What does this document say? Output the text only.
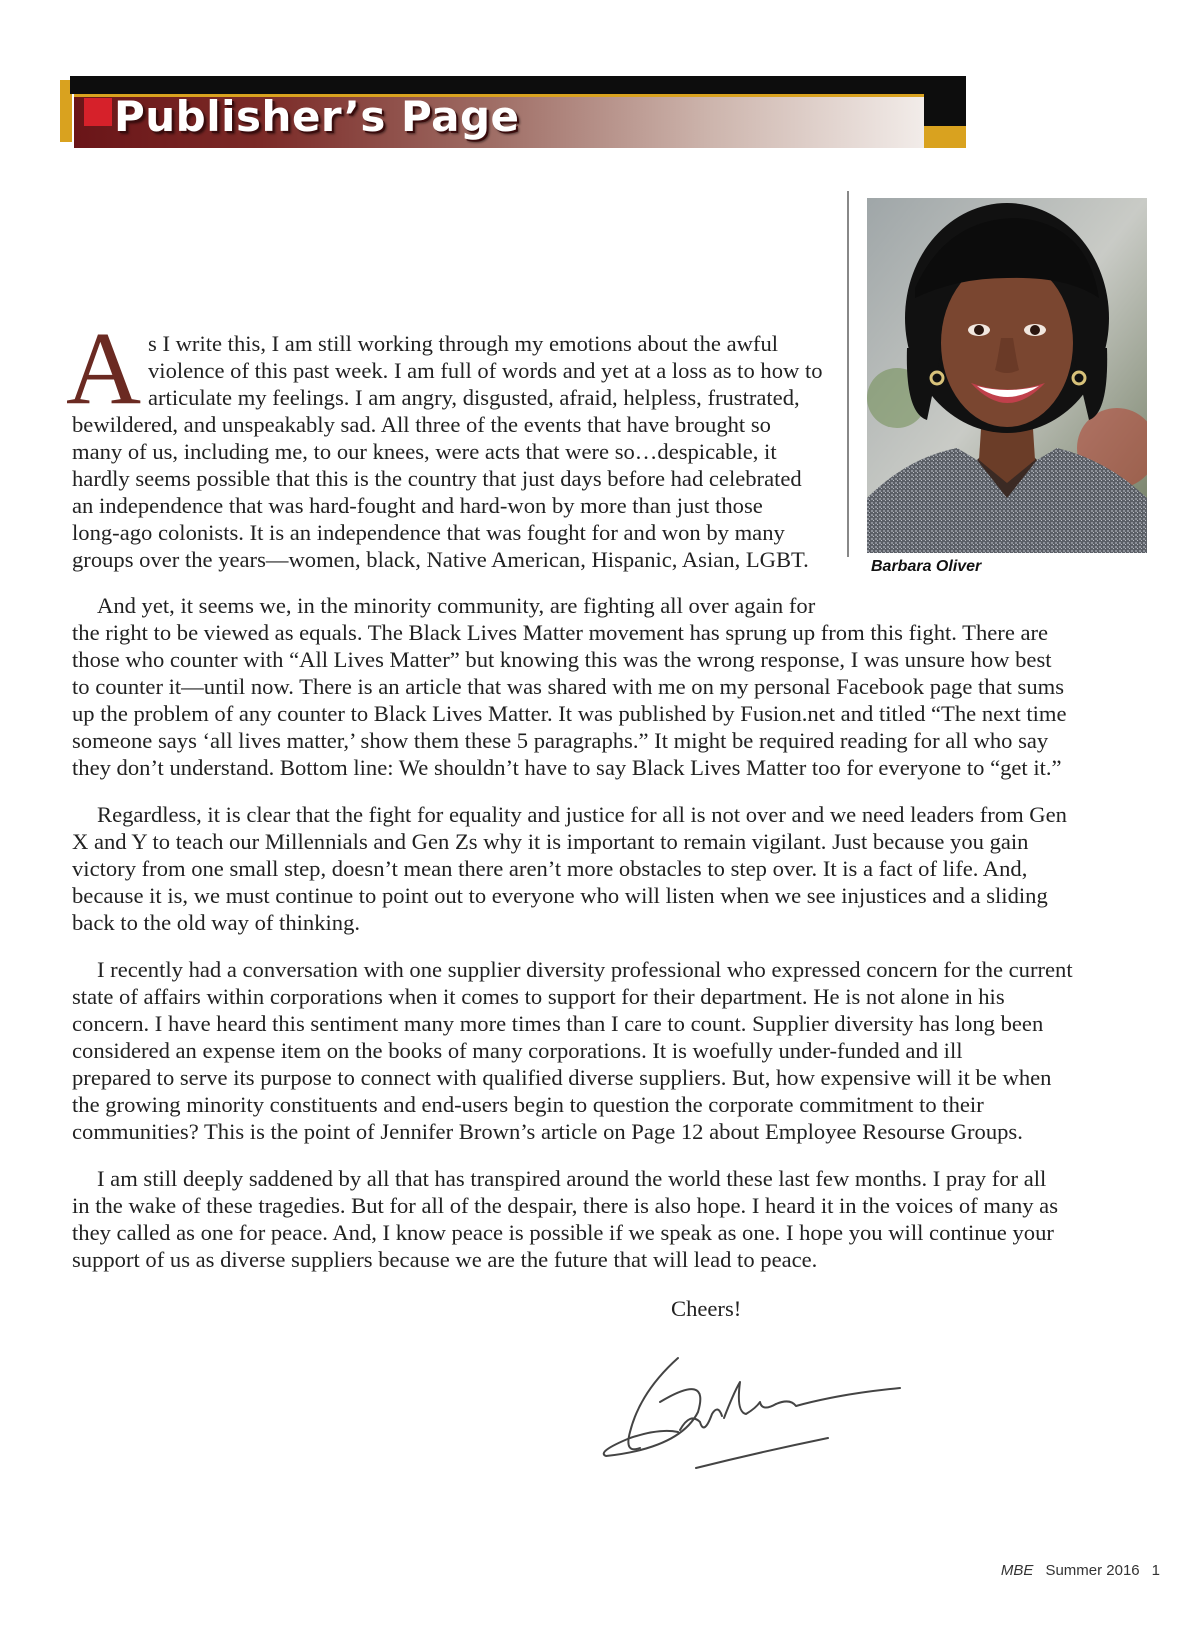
Publisher’s Page
Barbara Oliver
A s I write this, I am still working through my emotions about the awful
violence of this past week. I am full of words and yet at a loss as to how to
articulate my feelings. I am angry, disgusted, afraid, helpless, frustrated,
bewildered, and unspeakably sad. All three of the events that have brought so
many of us, including me, to our knees, were acts that were so…despicable, it
hardly seems possible that this is the country that just days before had celebrated
an independence that was hard-fought and hard-won by more than just those
long-ago colonists. It is an independence that was fought for and won by many
groups over the years—women, black, Native American, Hispanic, Asian, LGBT.
And yet, it seems we, in the minority community, are fighting all over again for
the right to be viewed as equals. The Black Lives Matter movement has sprung up from this fight. There are
those who counter with “All Lives Matter” but knowing this was the wrong response, I was unsure how best
to counter it—until now. There is an article that was shared with me on my personal Facebook page that sums
up the problem of any counter to Black Lives Matter. It was published by Fusion.net and titled “The next time
someone says ‘all lives matter,’ show them these 5 paragraphs.” It might be required reading for all who say
they don’t understand. Bottom line: We shouldn’t have to say Black Lives Matter too for everyone to “get it.”
Regardless, it is clear that the fight for equality and justice for all is not over and we need leaders from Gen
X and Y to teach our Millennials and Gen Zs why it is important to remain vigilant. Just because you gain
victory from one small step, doesn’t mean there aren’t more obstacles to step over. It is a fact of life. And,
because it is, we must continue to point out to everyone who will listen when we see injustices and a sliding
back to the old way of thinking.
I recently had a conversation with one supplier diversity professional who expressed concern for the current
state of affairs within corporations when it comes to support for their department. He is not alone in his
concern. I have heard this sentiment many more times than I care to count. Supplier diversity has long been
considered an expense item on the books of many corporations. It is woefully under-funded and ill
prepared to serve its purpose to connect with qualified diverse suppliers. But, how expensive will it be when
the growing minority constituents and end-users begin to question the corporate commitment to their
communities? This is the point of Jennifer Brown’s article on Page 12 about Employee Resourse Groups.
I am still deeply saddened by all that has transpired around the world these last few months. I pray for all
in the wake of these tragedies. But for all of the despair, there is also hope. I heard it in the voices of many as
they called as one for peace. And, I know peace is possible if we speak as one. I hope you will continue your
support of us as diverse suppliers because we are the future that will lead to peace.
Cheers!
MBE Summer 2016 1
